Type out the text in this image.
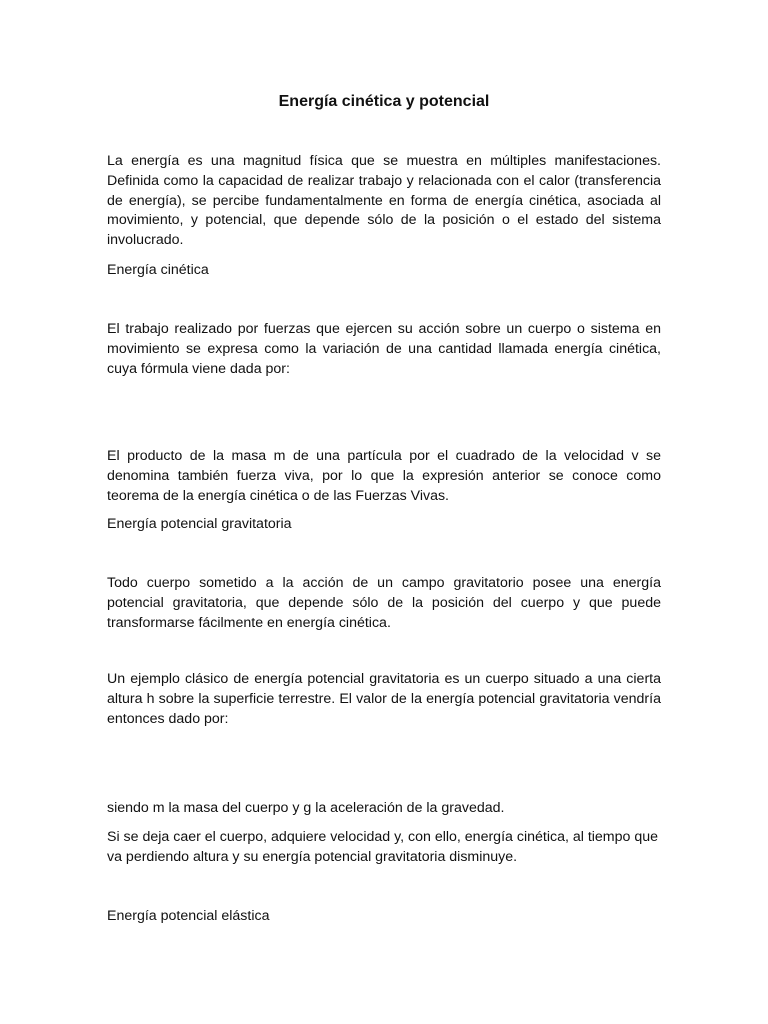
Energía cinética y potencial

La energía es una magnitud física que se muestra en múltiples manifestaciones. Definida como la capacidad de realizar trabajo y relacionada con el calor (transferencia de energía), se percibe fundamentalmente en forma de energía cinética, asociada al movimiento, y potencial, que depende sólo de la posición o el estado del sistema involucrado.

Energía cinética

El trabajo realizado por fuerzas que ejercen su acción sobre un cuerpo o sistema en movimiento se expresa como la variación de una cantidad llamada energía cinética, cuya fórmula viene dada por:

El producto de la masa m de una partícula por el cuadrado de la velocidad v se denomina también fuerza viva, por lo que la expresión anterior se conoce como teorema de la energía cinética o de las Fuerzas Vivas.

Energía potencial gravitatoria

Todo cuerpo sometido a la acción de un campo gravitatorio posee una energía potencial gravitatoria, que depende sólo de la posición del cuerpo y que puede transformarse fácilmente en energía cinética.

Un ejemplo clásico de energía potencial gravitatoria es un cuerpo situado a una cierta altura h sobre la superficie terrestre. El valor de la energía potencial gravitatoria vendría entonces dado por:

siendo m la masa del cuerpo y g la aceleración de la gravedad.

Si se deja caer el cuerpo, adquiere velocidad y, con ello, energía cinética, al tiempo que va perdiendo altura y su energía potencial gravitatoria disminuye.

Energía potencial elástica
